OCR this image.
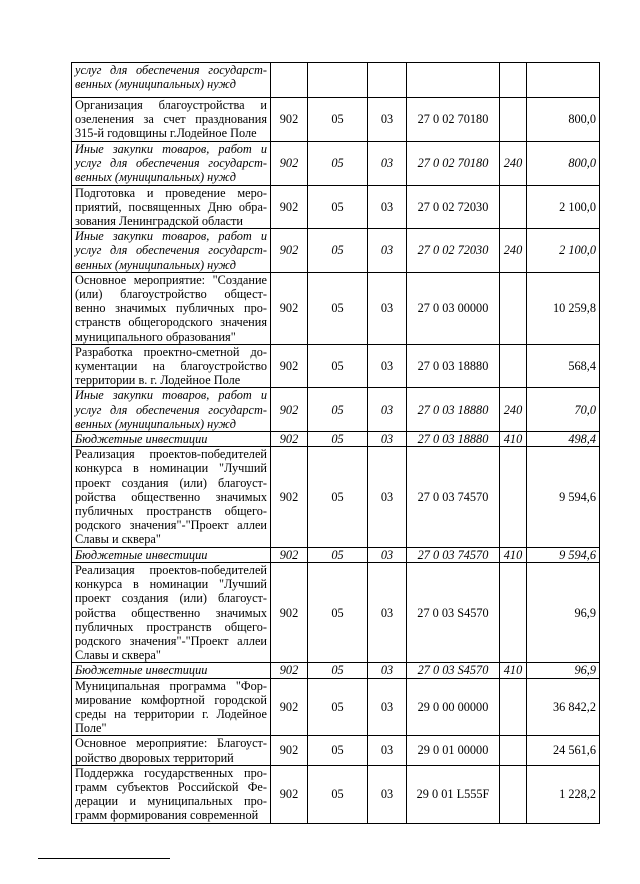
услуг для обеспечения государст-венных (муниципальных) нужд						
Организация благоустройства и озеленения за счет празднования 315-й годовщины г.Лодейное Поле	902	05	03	27 0 02 70180		800,0
Иные закупки товаров, работ и услуг для обеспечения государст-венных (муниципальных) нужд	902	05	03	27 0 02 70180	240	800,0
Подготовка и проведение меро-приятий, посвященных Дню обра-зования Ленинградской области	902	05	03	27 0 02 72030		2 100,0
Иные закупки товаров, работ и услуг для обеспечения государст-венных (муниципальных) нужд	902	05	03	27 0 02 72030	240	2 100,0
Основное мероприятие: "Создание (или) благоустройство общест-венно значимых публичных про-странств общегородского значения муниципального образования"	902	05	03	27 0 03 00000		10 259,8
Разработка проектно-сметной до-кументации на благоустройство территории в. г. Лодейное Поле	902	05	03	27 0 03 18880		568,4
Иные закупки товаров, работ и услуг для обеспечения государст-венных (муниципальных) нужд	902	05	03	27 0 03 18880	240	70,0
Бюджетные инвестиции	902	05	03	27 0 03 18880	410	498,4
Реализация проектов-победителей конкурса в номинации "Лучший проект создания (или) благоуст-ройства общественно значимых публичных пространств общего-родского значения"-"Проект аллеи Славы и сквера"	902	05	03	27 0 03 74570		9 594,6
Бюджетные инвестиции	902	05	03	27 0 03 74570	410	9 594,6
Реализация проектов-победителей конкурса в номинации "Лучший проект создания (или) благоуст-ройства общественно значимых публичных пространств общего-родского значения"-"Проект аллеи Славы и сквера"	902	05	03	27 0 03 S4570		96,9
Бюджетные инвестиции	902	05	03	27 0 03 S4570	410	96,9
Муниципальная программа "Фор-мирование комфортной городской среды на территории г. Лодейное Поле"	902	05	03	29 0 00 00000		36 842,2
Основное мероприятие: Благоуст-ройство дворовых территорий	902	05	03	29 0 01 00000		24 561,6
Поддержка государственных про-грамм субъектов Российской Фе-дерации и муниципальных про-грамм формирования современной	902	05	03	29 0 01 L555F		1 228,2
